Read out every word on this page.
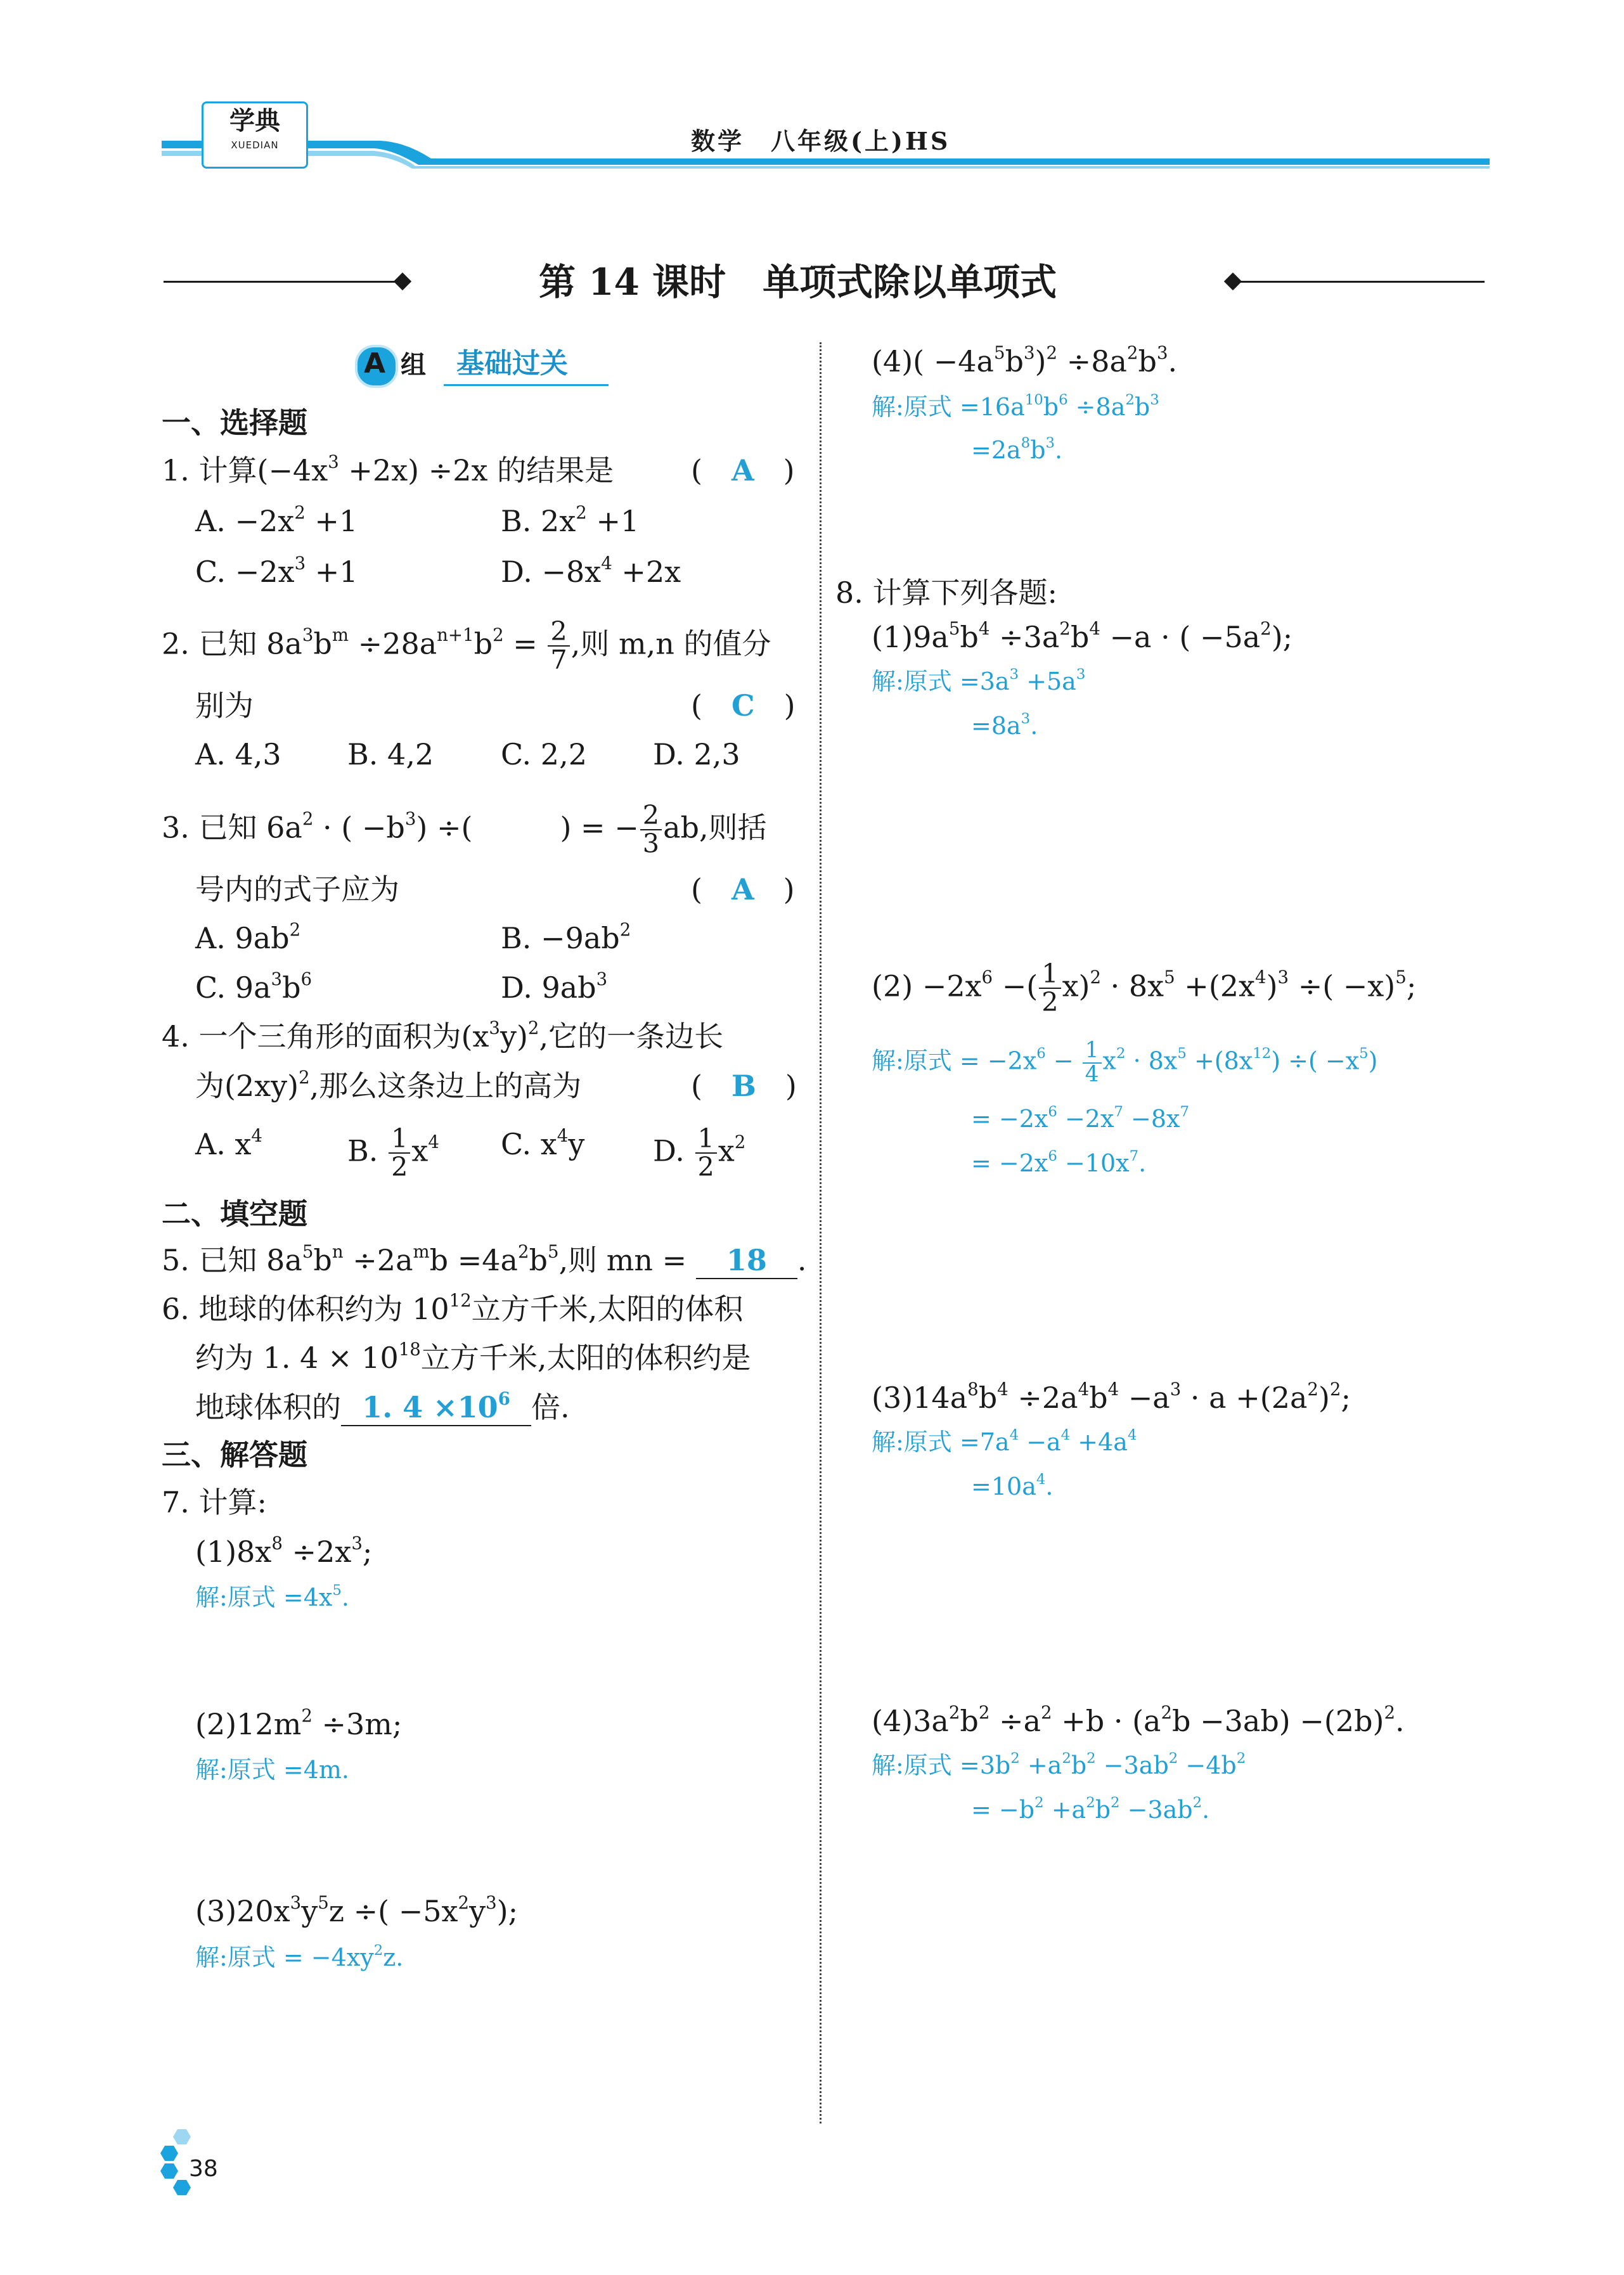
学典
XUEDIAN	数学　八年级(上)HS
第 14 课时　单项式除以单项式
A 组 基础过关
一、选择题
1. 计算$(-4x^3 +2x) \div 2x$ 的结果是	(　A　)
A. $-2x^2 +1$	B. $2x^2 +1$
C. $-2x^3 +1$	D. $-8x^4 +2x$
2. 已知 $8a^3b^m \div 28a^{n+1}b^2 = \frac{2}{7}$ ,则 m,n 的值分
别为	(　C　)
A. 4,3 B. 4,2 C. 2,2 D. 2,3
3. 已知 $6a^2$ · ( $-b^3$) ÷(　　　) = − $\frac{2}{3}$ ab,则括
号内的式子应为	(　A　)
A. $9ab^2$	B. $-9ab^2$
C. $9a^3b^6$	D. $9ab^3$
4. 一个三角形的面积为$(x^3y)^2$,它的一条边长
为$(2xy)^2$,那么这条边上的高为	(　B　)
A. $x^4$	B. $\frac{1}{2} x^4$ C. $x^4y$ D. $\frac{1}{2} x^2$
二、填空题
5. 已知 $8a^5b^n \div 2a^mb =4a^2b^5$,则 mn = 18 .
6. 地球的体积约为 $10^{12}$立方千米,太阳的体积
约为 1. $4 \times 10^{18}$立方千米,太阳的体积约是
地球体积的 1. $4 \times 10^6$ 倍.
三、解答题
7. 计算:
$(1)8x^8 \div 2x^3$;
解:原式 $=4x^5$.
$(2)12m^2 \div 3m$;
解:原式 =4m.
$(3)20x^3y^5z$ ÷( $-5x^2y^3$);
解:原式 = $-4xy^2z$.
$(4)( -4a^5b^3)^2 \div 8a^2b^3$.
解:原式 $=16a^{10}b^6 \div 8a^2b^3$
$=2a^8b^3$.
8. 计算下列各题:
$(1)9a^5b^4 \div 3a^2b^4 -a$ · ( $-5a^2$);
解:原式 $=3a^3 +5a^3$
$=8a^3$.
$(2) -2x^6$ −( $\frac{1}{2} x)^2 \cdot 8x^5 +(2x^4)^3$ ÷( −x)$^5$;
解:原式 = $-2x^6 - \frac{1}{4} x^2 \cdot 8x^5 +(8x^{12})$ ÷( $-x^5$)
= $-2x^6 -2x^7 -8x^7$
= $-2x^6 -10x^7$.
$(3)14a^8b^4 \div 2a^4b^4 -a^3 \cdot a +(2a^2)^2$;
解:原式 $=7a^4 -a^4 +4a^4$
$=10a^4$.
$(4)3a^2b^2 \div a^2 +b \cdot (a^2b -3ab) -(2b)^2$.
解:原式 $=3b^2 +a^2b^2 -3ab^2 -4b^2$
= $-b^2 +a^2b^2 -3ab^2$.
38
